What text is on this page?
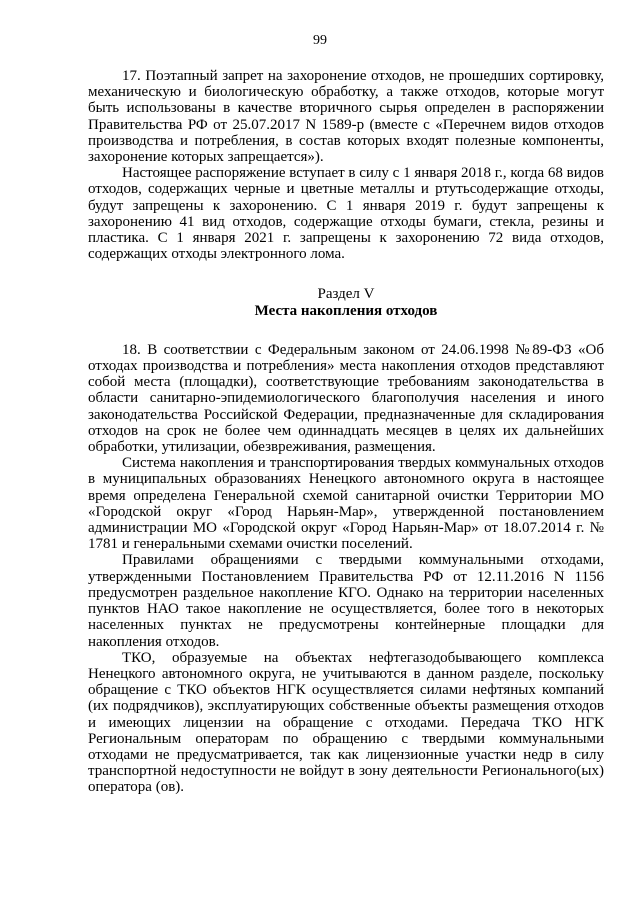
99

17. Поэтапный запрет на захоронение отходов, не прошедших сортировку, механическую и биологическую обработку, а также отходов, которые могут быть использованы в качестве вторичного сырья определен в распоряжении Правительства РФ от 25.07.2017 N 1589-р (вместе с «Перечнем видов отходов производства и потребления, в состав которых входят полезные компоненты, захоронение которых запрещается»).

Настоящее распоряжение вступает в силу с 1 января 2018 г., когда 68 видов отходов, содержащих черные и цветные металлы и ртутьсодержащие отходы, будут запрещены к захоронению. С 1 января 2019 г. будут запрещены к захоронению 41 вид отходов, содержащие отходы бумаги, стекла, резины и пластика. С 1 января 2021 г. запрещены к захоронению 72 вида отходов, содержащих отходы электронного лома.

Раздел V
Места накопления отходов

18. В соответствии с Федеральным законом от 24.06.1998 №89-ФЗ «Об отходах производства и потребления» места накопления отходов представляют собой места (площадки), соответствующие требованиям законодательства в области санитарно-эпидемиологического благополучия населения и иного законодательства Российской Федерации, предназначенные для складирования отходов на срок не более чем одиннадцать месяцев в целях их дальнейших обработки, утилизации, обезвреживания, размещения.

Система накопления и транспортирования твердых коммунальных отходов в муниципальных образованиях Ненецкого автономного округа в настоящее время определена Генеральной схемой санитарной очистки Территории МО «Городской округ «Город Нарьян-Мар», утвержденной постановлением администрации МО «Городской округ «Город Нарьян-Мар» от 18.07.2014 г. № 1781 и генеральными схемами очистки поселений.

Правилами обращениями с твердыми коммунальными отходами, утвержденными Постановлением Правительства РФ от 12.11.2016 N 1156 предусмотрен раздельное накопление КГО. Однако на территории населенных пунктов НАО такое накопление не осуществляется, более того в некоторых населенных пунктах не предусмотрены контейнерные площадки для накопления отходов.

ТКО, образуемые на объектах нефтегазодобывающего комплекса Ненецкого автономного округа, не учитываются в данном разделе, поскольку обращение с ТКО объектов НГК осуществляется силами нефтяных компаний (их подрядчиков), эксплуатирующих собственные объекты размещения отходов и имеющих лицензии на обращение с отходами. Передача ТКО НГК Региональным операторам по обращению с твердыми коммунальными отходами не предусматривается, так как лицензионные участки недр в силу транспортной недоступности не войдут в зону деятельности Регионального(ых) оператора (ов).
